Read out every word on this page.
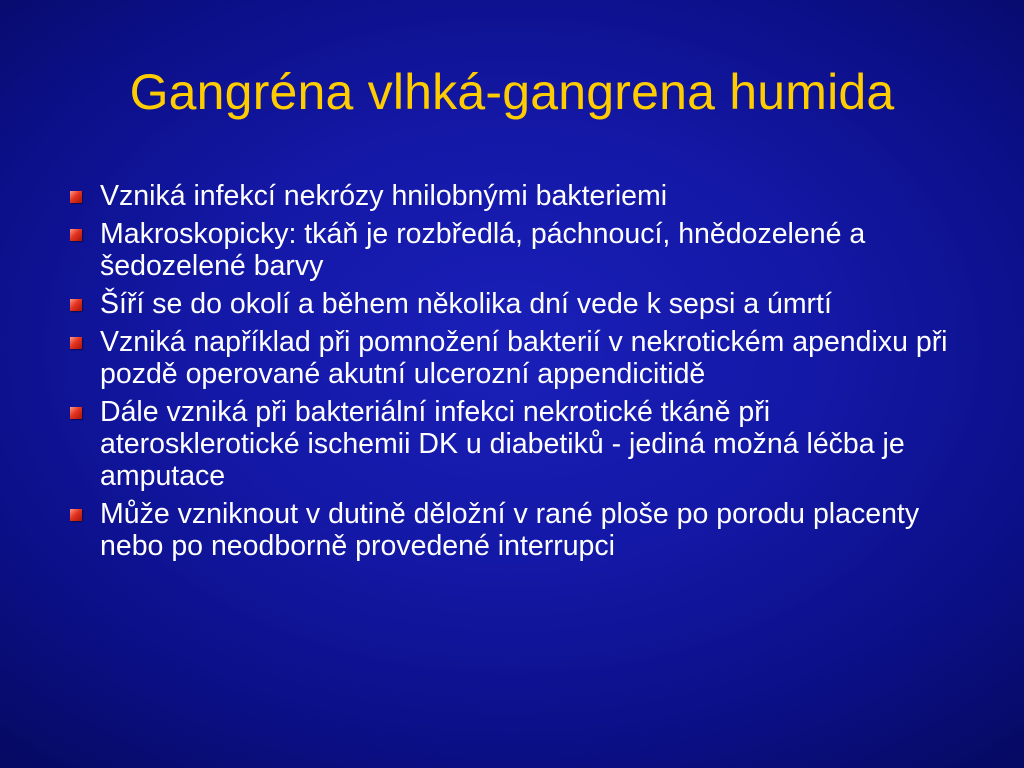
Gangréna vlhká-gangrena humida
Vzniká infekcí nekrózy hnilobnými bakteriemi
Makroskopicky: tkáň je rozbředlá, páchnoucí, hnědozelené a šedozelené barvy
Šíří se do okolí a během několika dní vede k sepsi a úmrtí
Vzniká například při pomnožení bakterií v nekrotickém apendixu při pozdě operované akutní ulcerozní appendicitidě
Dále vzniká při bakteriální infekci nekrotické tkáně při aterosklerotické ischemii DK u diabetiků - jediná možná léčba je amputace
Může vzniknout v dutině děložní v rané ploše po porodu placenty nebo po neodborně provedené interrupci
